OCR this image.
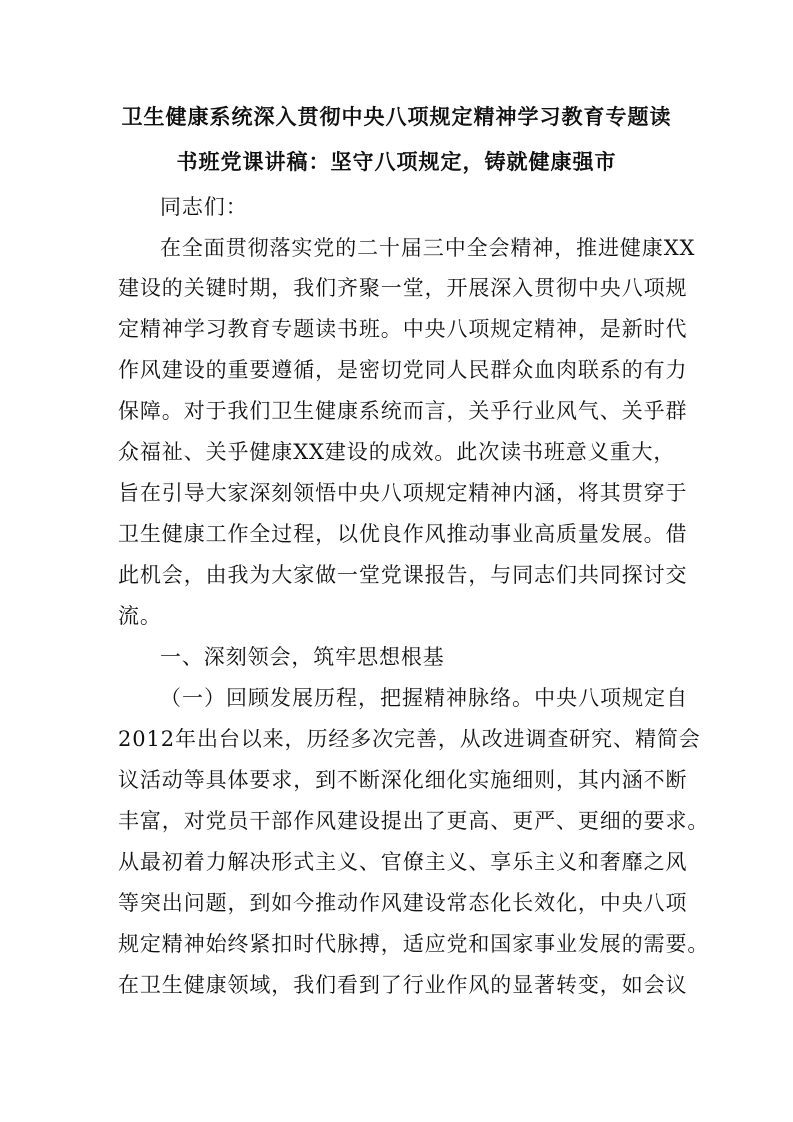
卫生健康系统深入贯彻中央八项规定精神学习教育专题读
书班党课讲稿：坚守八项规定，铸就健康强市
同志们：
在全面贯彻落实党的二十届三中全会精神，推进健康XX
建设的关键时期，我们齐聚一堂，开展深入贯彻中央八项规
定精神学习教育专题读书班。中央八项规定精神，是新时代
作风建设的重要遵循，是密切党同人民群众血肉联系的有力
保障。对于我们卫生健康系统而言，关乎行业风气、关乎群
众福祉、关乎健康XX建设的成效。此次读书班意义重大，
旨在引导大家深刻领悟中央八项规定精神内涵，将其贯穿于
卫生健康工作全过程，以优良作风推动事业高质量发展。借
此机会，由我为大家做一堂党课报告，与同志们共同探讨交
流。
一、深刻领会，筑牢思想根基
（一）回顾发展历程，把握精神脉络。中央八项规定自
2012年出台以来，历经多次完善，从改进调查研究、精简会
议活动等具体要求，到不断深化细化实施细则，其内涵不断
丰富，对党员干部作风建设提出了更高、更严、更细的要求。
从最初着力解决形式主义、官僚主义、享乐主义和奢靡之风
等突出问题，到如今推动作风建设常态化长效化，中央八项
规定精神始终紧扣时代脉搏，适应党和国家事业发展的需要。
在卫生健康领域，我们看到了行业作风的显著转变，如会议
